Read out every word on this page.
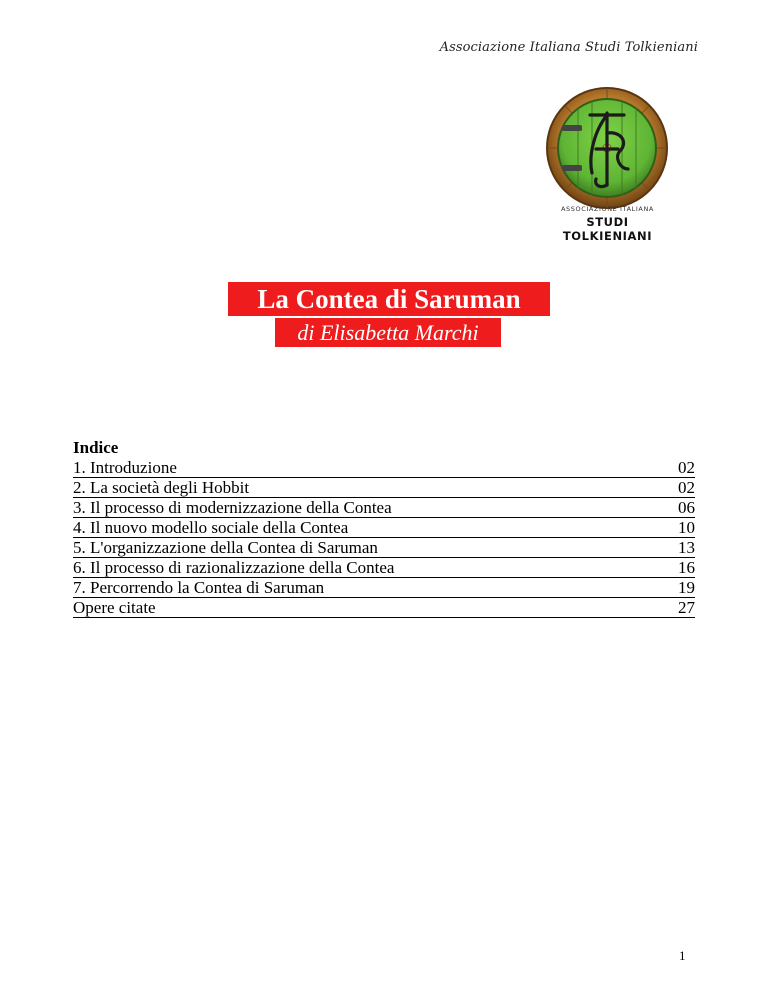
Associazione Italiana Studi Tolkieniani
ASSOCIAZIONE ITALIANA
STUDI TOLKIENIANI
La Contea di Saruman
di Elisabetta Marchi
Indice
1. Introduzione	02
2. La società degli Hobbit	02
3. Il processo di modernizzazione della Contea	06
4. Il nuovo modello sociale della Contea	10
5. L'organizzazione della Contea di Saruman	13
6. Il processo di razionalizzazione della Contea	16
7. Percorrendo la Contea di Saruman	19
Opere citate	27
1
